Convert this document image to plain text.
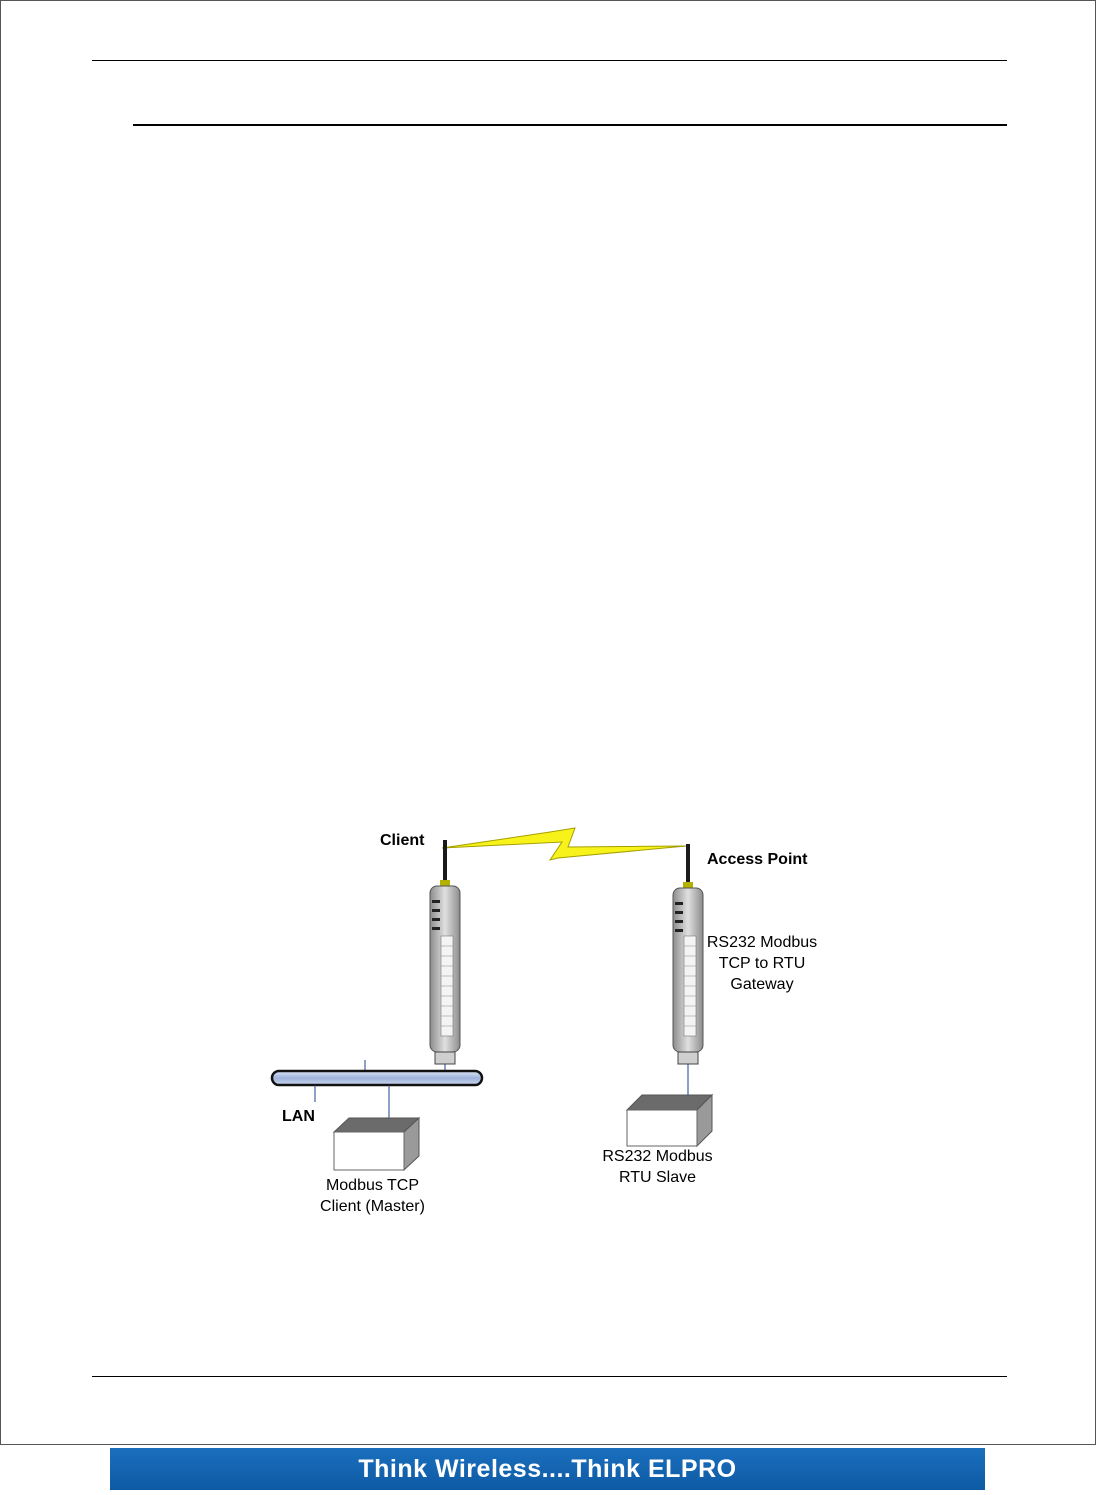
Client
Access Point
RS232 Modbus TCP to RTU Gateway
LAN
Modbus TCP Client (Master)
RS232 Modbus RTU Slave
Think Wireless....Think ELPRO
